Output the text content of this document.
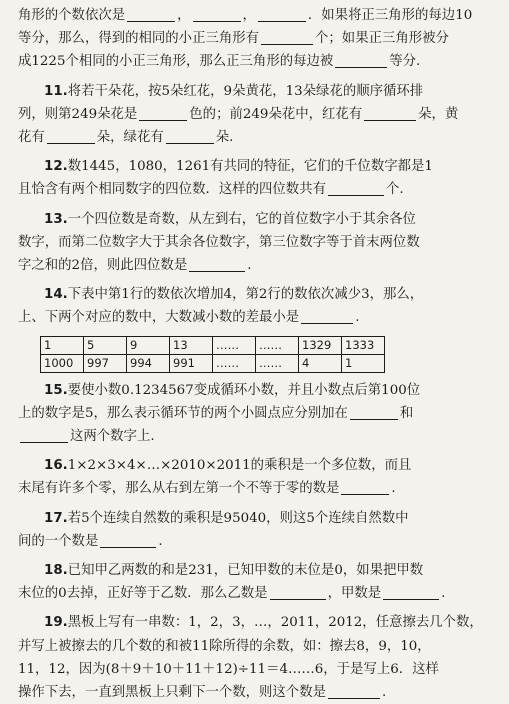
角形的个数依次是	，	，	．如果将正三角形的每边10
等分，那么，得到的相同的小正三角形有	个；如果正三角形被分
成1225个相同的小正三角形，那么正三角形的每边被	等分.
11.将若干朵花，按5朵红花，9朵黄花，13朵绿花的顺序循环排
列，则第249朵花是	色的；前249朵花中，红花有	朵，黄
花有	朵，绿花有	朵.
12.数1445，1080，1261有共同的特征，它们的千位数字都是1
且恰含有两个相同数字的四位数．这样的四位数共有	个.
13.一个四位数是奇数，从左到右，它的首位数字小于其余各位
数字，而第二位数字大于其余各位数字，第三位数字等于首末两位数
字之和的2倍，则此四位数是	.
14.下表中第1行的数依次增加4，第2行的数依次减少3，那么，
上、下两个对应的数中，大数减小数的差最小是	.
1	5	9	13	……	……	1329	1333
1000	997	994	991	……	……	4	1
15.要使小数0.1234567变成循环小数，并且小数点后第100位
上的数字是5，那么表示循环节的两个小圆点应分别加在	和
这两个数字上.
16.1×2×3×4×…×2010×2011的乘积是一个多位数，而且
末尾有许多个零，那么从右到左第一个不等于零的数是	.
17.若5个连续自然数的乘积是95040，则这5个连续自然数中
间的一个数是	.
18.已知甲乙两数的和是231，已知甲数的末位是0，如果把甲数
末位的0去掉，正好等于乙数．那么乙数是	，甲数是	.
19.黑板上写有一串数：1，2，3，…，2011，2012，任意擦去几个数，
并写上被擦去的几个数的和被11除所得的余数，如：擦去8，9，10，
11，12，因为(8＋9＋10＋11＋12)÷11＝4……6，于是写上6．这样
操作下去，一直到黑板上只剩下一个数，则这个数是	.
